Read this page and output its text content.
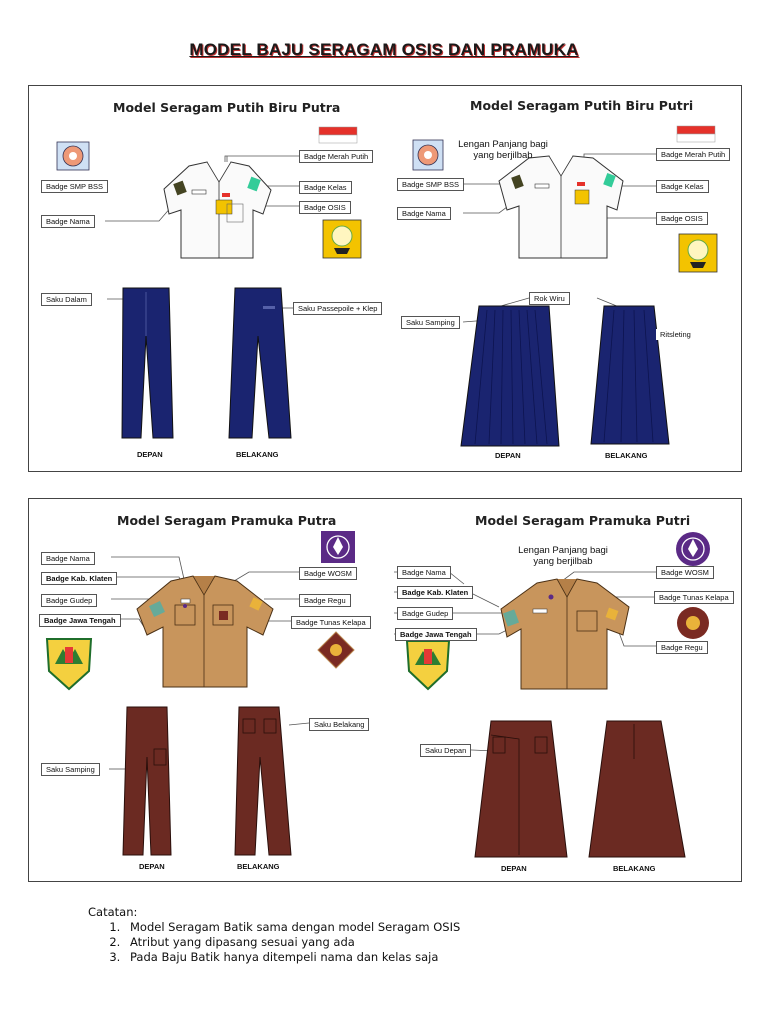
MODEL BAJU SERAGAM OSIS DAN PRAMUKA
Model Seragam Putih Biru Putra	Model Seragam Putih Biru Putri
Badge Merah Putih
Badge SMP BSS	Badge Kelas
Badge OSIS
Badge Nama
Saku Dalam
Saku Passepoile + Klep
DEPAN	BELAKANG
Lengan Panjang bagi yang berjilbab	Badge Merah Putih
Badge SMP BSS	Badge Kelas
Badge Nama
Badge OSIS
Rok Wiru
Saku Samping
Ritsleting
DEPAN	BELAKANG
Model Seragam Pramuka Putra	Model Seragam Pramuka Putri
Badge Nama
Badge Kab. Klaten
Badge Gudep
Badge Jawa Tengah
Badge WOSM
Badge Regu
Badge Tunas Kelapa
Saku Belakang
Saku Samping
DEPAN	BELAKANG
Lengan Panjang bagi yang berjilbab
Badge Nama
Badge Kab. Klaten
Badge Gudep
Badge Jawa Tengah
Badge WOSM
Badge Tunas Kelapa
Badge Regu
Saku Depan
DEPAN	BELAKANG
Catatan:
1. Model Seragam Batik sama dengan model Seragam OSIS
2. Atribut yang dipasang sesuai yang ada
3. Pada Baju Batik hanya ditempeli nama dan kelas saja
